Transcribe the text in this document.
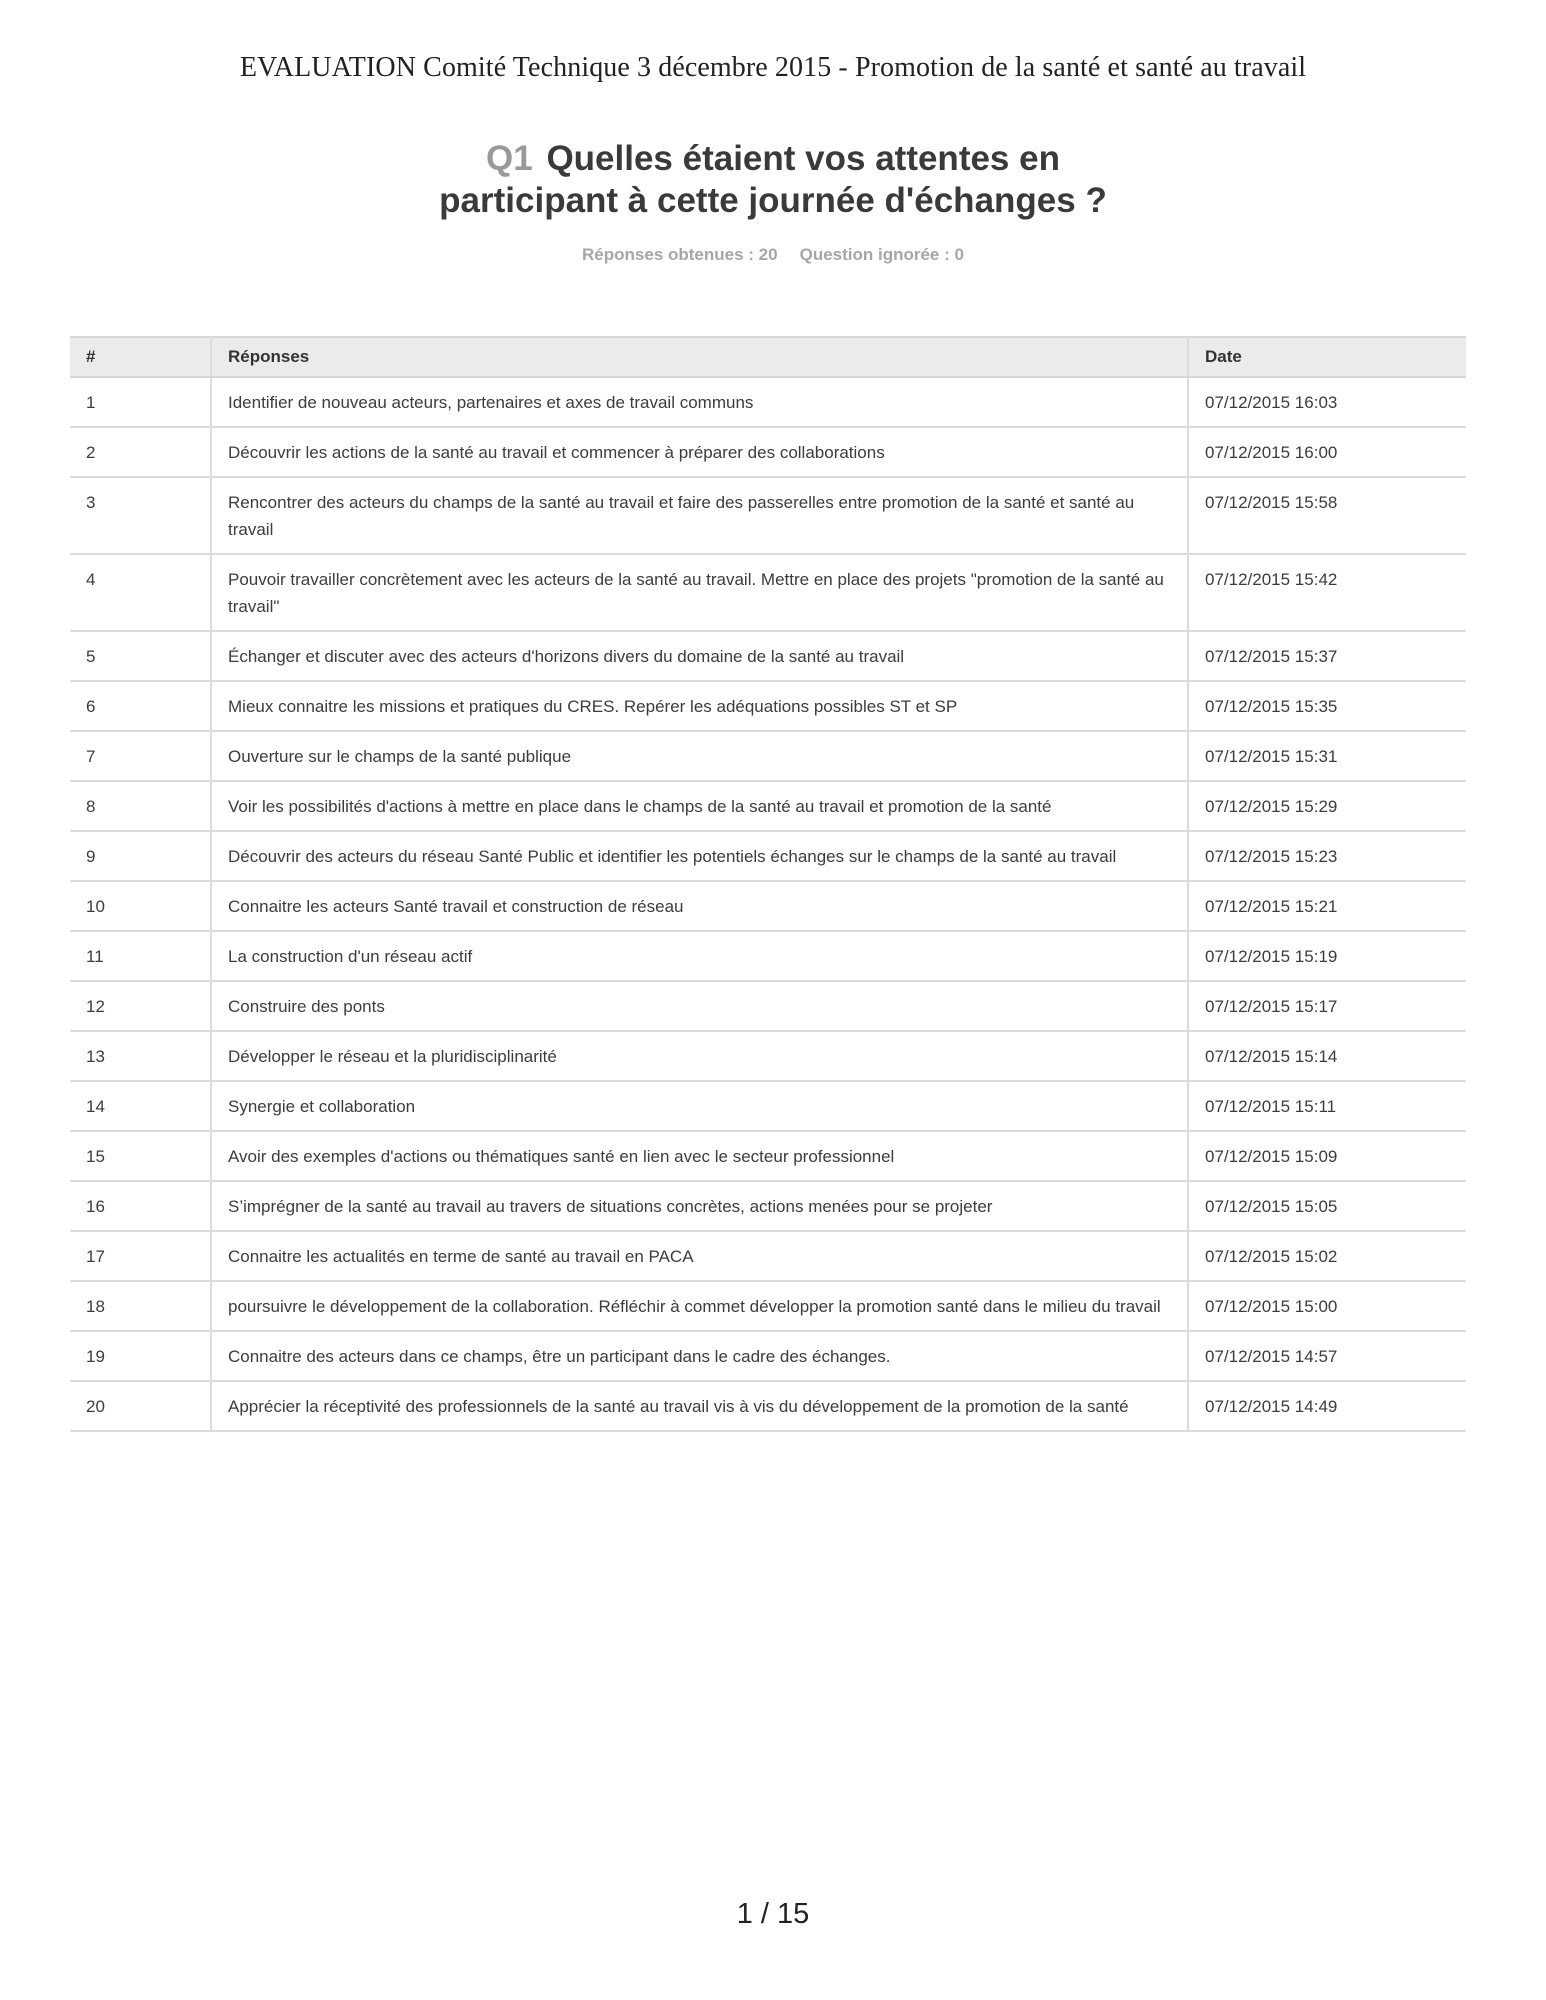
EVALUATION Comité Technique 3 décembre 2015 - Promotion de la santé et santé au travail
Q1 Quelles étaient vos attentes en
participant à cette journée d'échanges ?
Réponses obtenues : 20 Question ignorée : 0
#	Réponses	Date
1	Identifier de nouveau acteurs, partenaires et axes de travail communs	07/12/2015 16:03
2	Découvrir les actions de la santé au travail et commencer à préparer des collaborations	07/12/2015 16:00
3	Rencontrer des acteurs du champs de la santé au travail et faire des passerelles entre promotion de la santé et santé au travail	07/12/2015 15:58
4	Pouvoir travailler concrètement avec les acteurs de la santé au travail. Mettre en place des projets "promotion de la santé au travail"	07/12/2015 15:42
5	Échanger et discuter avec des acteurs d'horizons divers du domaine de la santé au travail	07/12/2015 15:37
6	Mieux connaitre les missions et pratiques du CRES. Repérer les adéquations possibles ST et SP	07/12/2015 15:35
7	Ouverture sur le champs de la santé publique	07/12/2015 15:31
8	Voir les possibilités d'actions à mettre en place dans le champs de la santé au travail et promotion de la santé	07/12/2015 15:29
9	Découvrir des acteurs du réseau Santé Public et identifier les potentiels échanges sur le champs de la santé au travail	07/12/2015 15:23
10	Connaitre les acteurs Santé travail et construction de réseau	07/12/2015 15:21
11	La construction d'un réseau actif	07/12/2015 15:19
12	Construire des ponts	07/12/2015 15:17
13	Développer le réseau et la pluridisciplinarité	07/12/2015 15:14
14	Synergie et collaboration	07/12/2015 15:11
15	Avoir des exemples d'actions ou thématiques santé en lien avec le secteur professionnel	07/12/2015 15:09
16	S’imprégner de la santé au travail au travers de situations concrètes, actions menées pour se projeter	07/12/2015 15:05
17	Connaitre les actualités en terme de santé au travail en PACA	07/12/2015 15:02
18	poursuivre le développement de la collaboration. Réfléchir à commet développer la promotion santé dans le milieu du travail	07/12/2015 15:00
19	Connaitre des acteurs dans ce champs, être un participant dans le cadre des échanges.	07/12/2015 14:57
20	Apprécier la réceptivité des professionnels de la santé au travail vis à vis du développement de la promotion de la santé	07/12/2015 14:49
1 / 15
